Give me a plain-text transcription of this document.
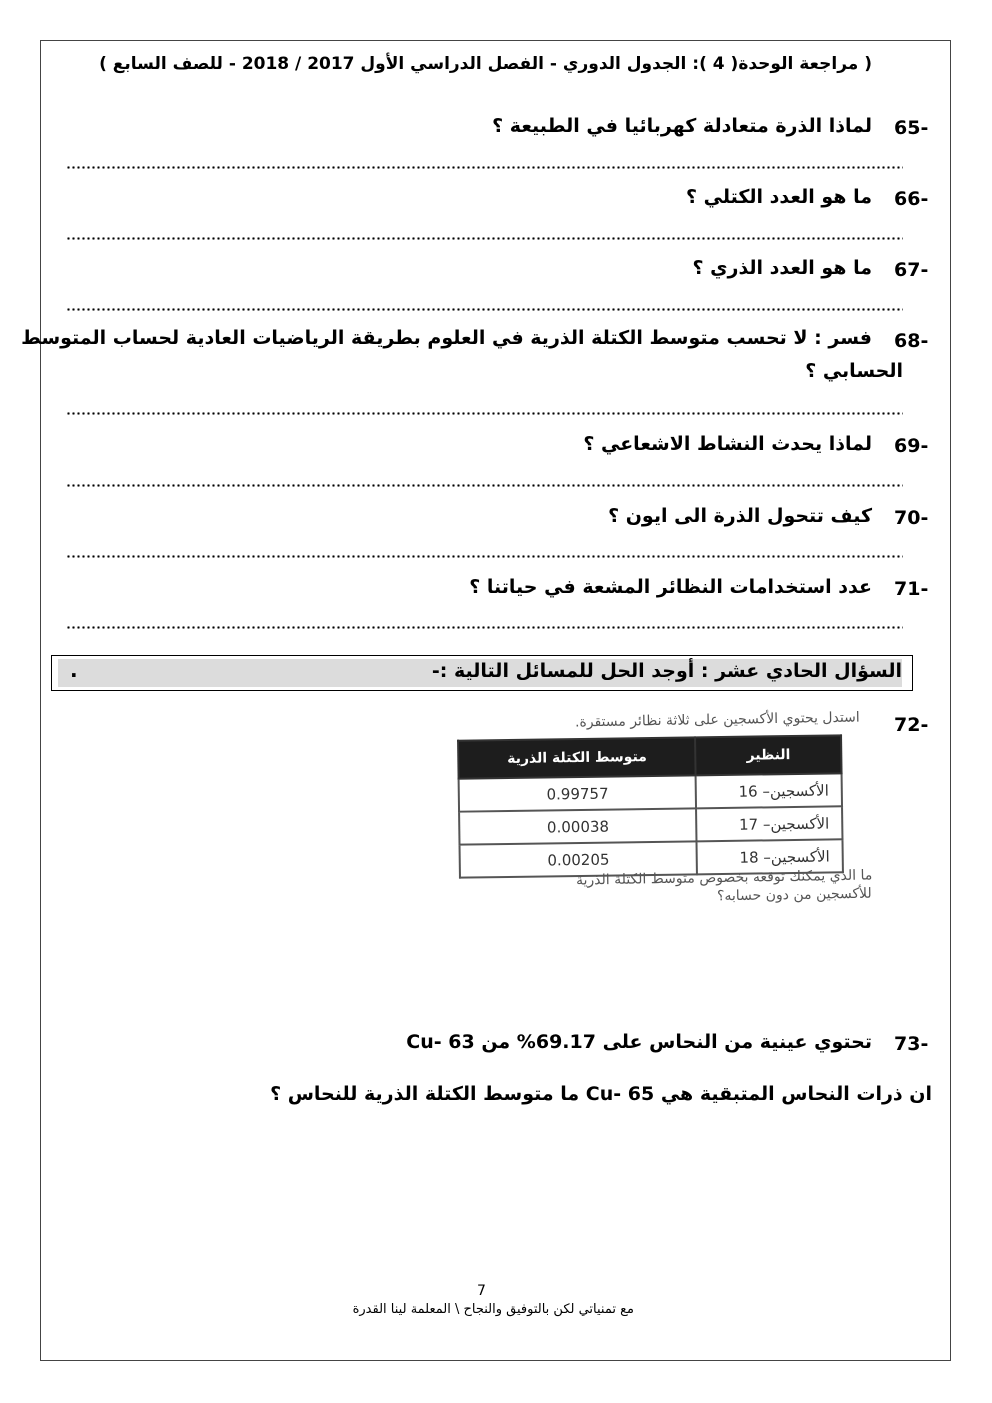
( مراجعة الوحدة( 4 ): الجدول الدوري - الفصل الدراسي الأول 2017 / 2018 - للصف السابع )
65-
لماذا الذرة متعادلة كهربائيا في الطبيعة ؟
66-
ما هو العدد الكتلي ؟
67-
ما هو العدد الذري ؟
68-
فسر : لا تحسب متوسط الكتلة الذرية في العلوم بطريقة الرياضيات العادية لحساب المتوسط
الحسابي ؟
69-
لماذا يحدث النشاط الاشعاعي ؟
70-
كيف تتحول الذرة الى ايون ؟
71-
عدد استخدامات النظائر المشعة في حياتنا ؟
السؤال الحادي عشر : أوجد الحل للمسائل التالية :-
.
72-
استدل يحتوي الأكسجين على ثلاثة نظائر مستقرة.
متوسط الكتلة الذرية	النظير
0.99757	الأكسجين– 16
0.00038	الأكسجين– 17
0.00205	الأكسجين– 18
ما الذي يمكنك توقعه بخصوص متوسط الكتلة الذرية
للأكسجين من دون حسابه؟
73-
تحتوي عينية من النحاس على 69.17% من Cu- 63
ان ذرات النحاس المتبقية هي Cu- 65 ما متوسط الكتلة الذرية للنحاس ؟
7
مع تمنياتي لكن بالتوفيق والنجاح \ المعلمة لينا القدرة
